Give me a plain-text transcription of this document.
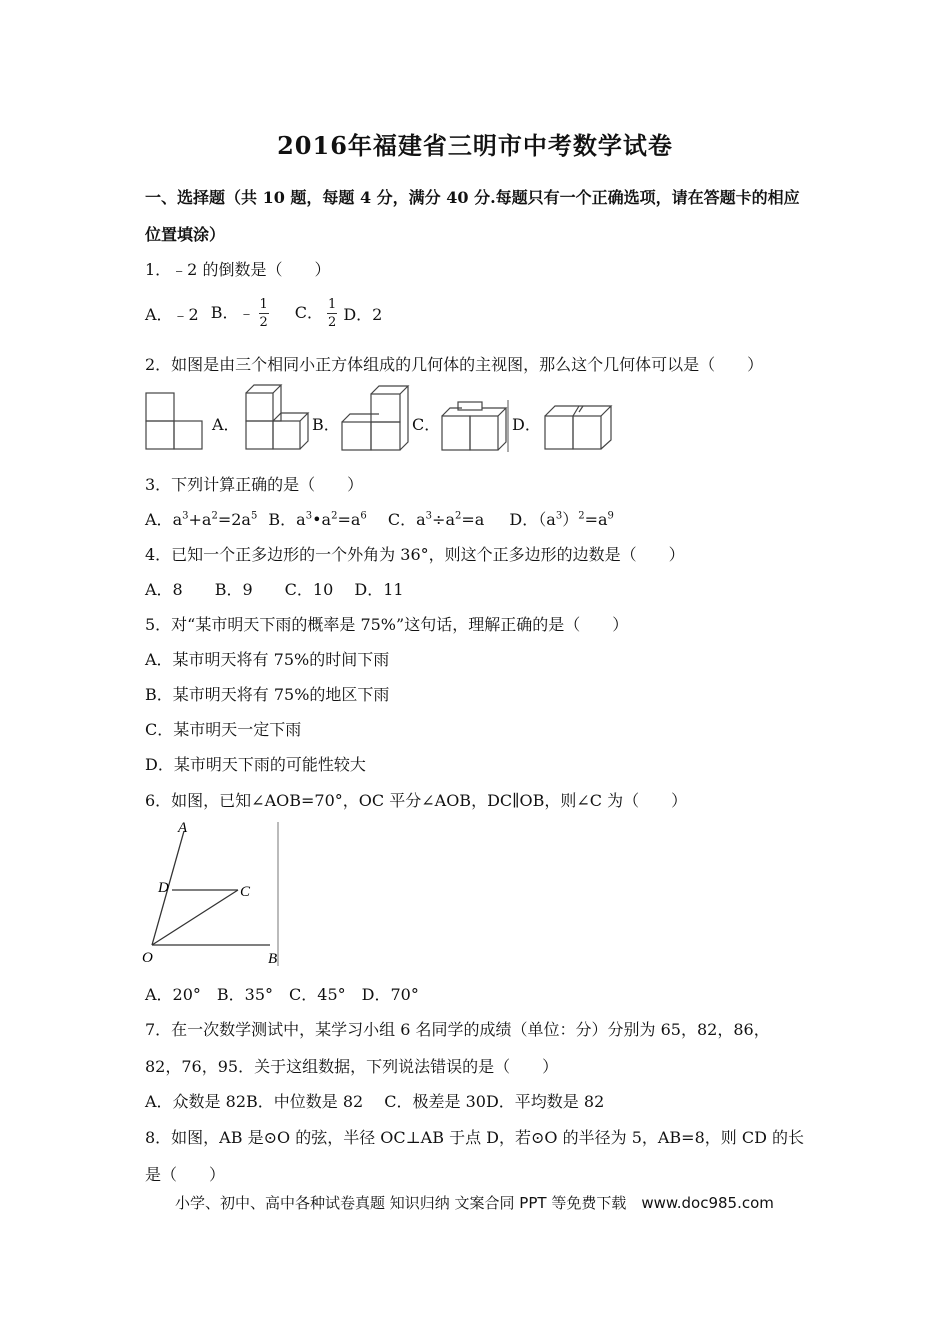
2016年福建省三明市中考数学试卷
一、选择题（共 10 题，每题 4 分，满分 40 分.每题只有一个正确选项，请在答题卡的相应
位置填涂）
1．﹣2 的倒数是（　　）
A．﹣2 B．﹣ $\frac{1}{2}$ C． $\frac{1}{2}$ D．2
2．如图是由三个相同小正方体组成的几何体的主视图，那么这个几何体可以是（　　）
A．	B．	C．	D．
3．下列计算正确的是（　　）
A．$a^3+a^2=2a^5$ B．$a^3•a^2=a^6$ C．$a^3\div a^2=a$ D．$(a^3)^2=a^9$
4．已知一个正多边形的一个外角为 36°，则这个正多边形的边数是（　　）
A．8　　B．9　　C．10　 D．11
5．对“某市明天下雨的概率是 75%”这句话，理解正确的是（　　）
A．某市明天将有 75%的时间下雨
B．某市明天将有 75%的地区下雨
C．某市明天一定下雨
D．某市明天下雨的可能性较大
6．如图，已知∠AOB=70°，OC 平分∠AOB，DC∥OB，则∠C 为（　　）
A
D	C
O	B
A．20°　B．35°　C．45°　D．70°
7．在一次数学测试中，某学习小组 6 名同学的成绩（单位：分）分别为 65，82，86，
82，76，95．关于这组数据，下列说法错误的是（　　）
A．众数是 82B．中位数是 82　 C．极差是 30D．平均数是 82
8．如图，AB 是⊙O 的弦，半径 OC⊥AB 于点 D，若⊙O 的半径为 5，AB=8，则 CD 的长
是（　　）
小学、初中、高中各种试卷真题 知识归纳 文案合同 PPT 等免费下载　www.doc985.com
